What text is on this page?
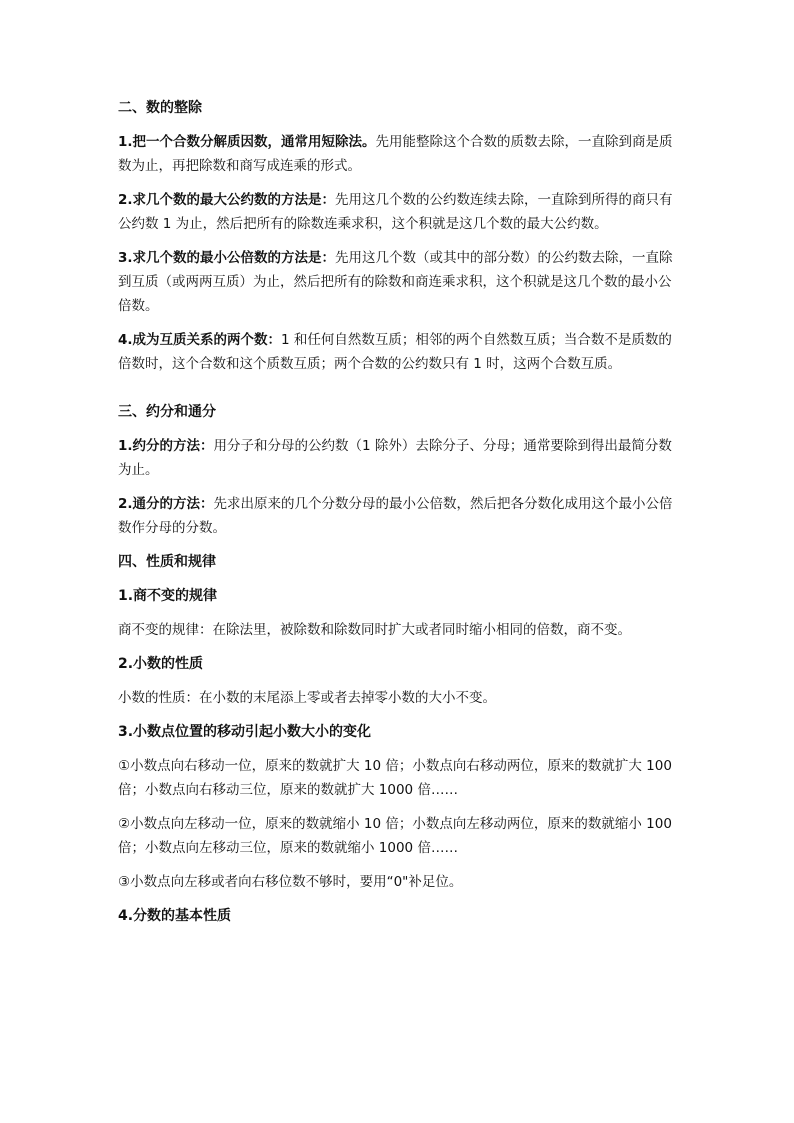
二、数的整除

1.把一个合数分解质因数，通常用短除法。先用能整除这个合数的质数去除，一直除到商是质数为止，再把除数和商写成连乘的形式。

2.求几个数的最大公约数的方法是：先用这几个数的公约数连续去除，一直除到所得的商只有公约数 1 为止，然后把所有的除数连乘求积，这个积就是这几个数的最大公约数。

3.求几个数的最小公倍数的方法是：先用这几个数（或其中的部分数）的公约数去除，一直除到互质（或两两互质）为止，然后把所有的除数和商连乘求积，这个积就是这几个数的最小公倍数。

4.成为互质关系的两个数：1 和任何自然数互质；相邻的两个自然数互质；当合数不是质数的倍数时，这个合数和这个质数互质；两个合数的公约数只有 1 时，这两个合数互质。

三、约分和通分

1.约分的方法：用分子和分母的公约数（1 除外）去除分子、分母；通常要除到得出最简分数为止。

2.通分的方法：先求出原来的几个分数分母的最小公倍数，然后把各分数化成用这个最小公倍数作分母的分数。

四、性质和规律
1.商不变的规律

商不变的规律：在除法里，被除数和除数同时扩大或者同时缩小相同的倍数，商不变。

2.小数的性质

小数的性质：在小数的末尾添上零或者去掉零小数的大小不变。

3.小数点位置的移动引起小数大小的变化

①小数点向右移动一位，原来的数就扩大 10 倍；小数点向右移动两位，原来的数就扩大 100 倍；小数点向右移动三位，原来的数就扩大 1000 倍……

②小数点向左移动一位，原来的数就缩小 10 倍；小数点向左移动两位，原来的数就缩小 100 倍；小数点向左移动三位，原来的数就缩小 1000 倍……

③小数点向左移或者向右移位数不够时，要用“0"补足位。

4.分数的基本性质
